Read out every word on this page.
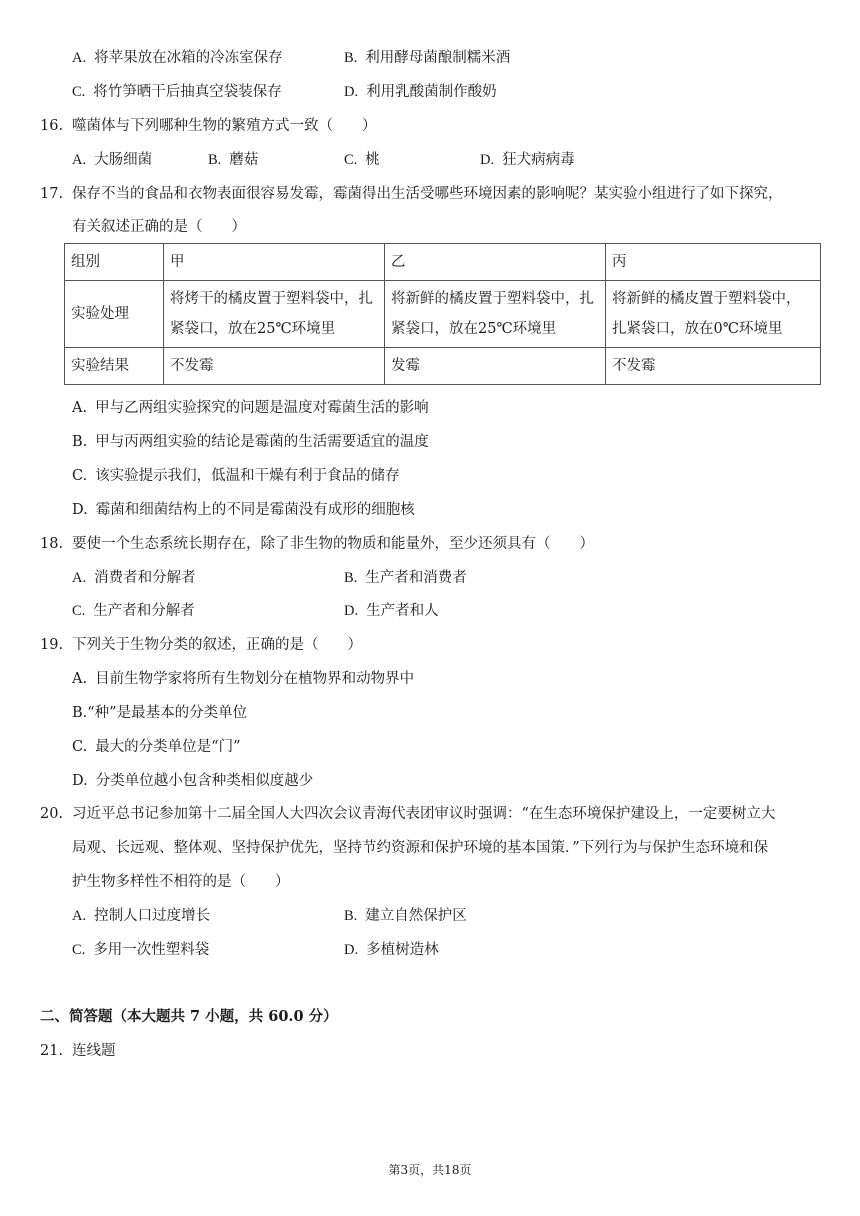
A. 将苹果放在冰箱的冷冻室保存	B. 利用酵母菌酿制糯米酒
C. 将竹笋晒干后抽真空袋装保存	D. 利用乳酸菌制作酸奶
16. 噬菌体与下列哪种生物的繁殖方式一致（　　）
A. 大肠细菌	B. 蘑菇	C. 桃	D. 狂犬病病毒
17. 保存不当的食品和衣物表面很容易发霉，霉菌得出生活受哪些环境因素的影响呢？某实验小组进行了如下探究，
有关叙述正确的是（　　）
组别	甲	乙	丙
实验处理	将烤干的橘皮置于塑料袋中，扎紧袋口，放在25℃环境里	将新鲜的橘皮置于塑料袋中，扎紧袋口，放在25℃环境里	将新鲜的橘皮置于塑料袋中，扎紧袋口，放在0℃环境里
实验结果	不发霉	发霉	不发霉
A. 甲与乙两组实验探究的问题是温度对霉菌生活的影响
B. 甲与丙两组实验的结论是霉菌的生活需要适宜的温度
C. 该实验提示我们，低温和干燥有利于食品的储存
D. 霉菌和细菌结构上的不同是霉菌没有成形的细胞核
18. 要使一个生态系统长期存在，除了非生物的物质和能量外，至少还须具有（　　）
A. 消费者和分解者	B. 生产者和消费者
C. 生产者和分解者	D. 生产者和人
19. 下列关于生物分类的叙述，正确的是（　　）
A. 目前生物学家将所有生物划分在植物界和动物界中
B.“种”是最基本的分类单位
C. 最大的分类单位是“门”
D. 分类单位越小包含种类相似度越少
20. 习近平总书记参加第十二届全国人大四次会议青海代表团审议时强调：“在生态环境保护建设上，一定要树立大
局观、长远观、整体观、坚持保护优先，坚持节约资源和保护环境的基本国策．”下列行为与保护生态环境和保
护生物多样性不相符的是（　　）
A. 控制人口过度增长	B. 建立自然保护区
C. 多用一次性塑料袋	D. 多植树造林
二、简答题（本大题共 7 小题，共 60.0 分）
21. 连线题
第3页，共18页
